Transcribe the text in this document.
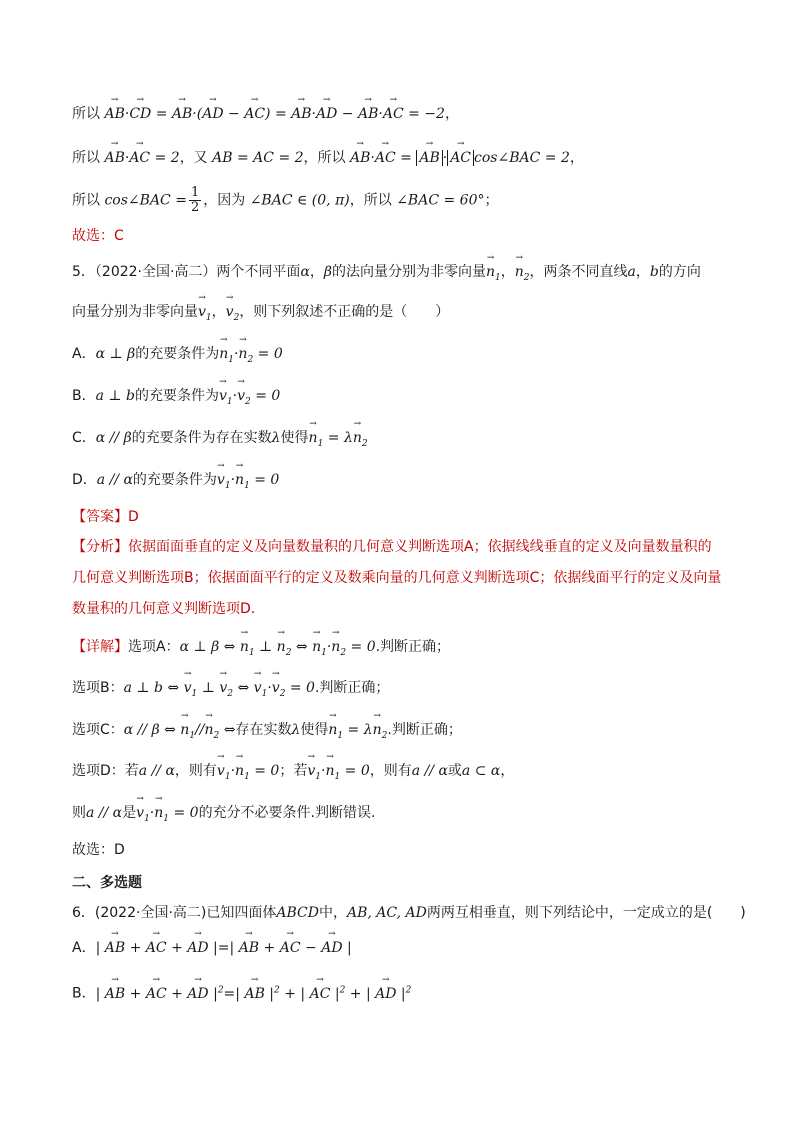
所以 → AB·→ CD = → AB·(→ AD − → AC) = → AB·→ AD − → AB·→ AC = −2，
所以 → AB·→ AC = 2，又 AB = AC = 2，所以 → AB·→ AC = → AB · → AC cos∠BAC = 2，
所以 cos∠BAC = $\frac{1}{2}$ ，因为 ∠BAC ∈ (0, π)，所以 ∠BAC = 60°；
故选：C
5．（2022·全国·高二）两个不同平面α，β的法向量分别为非零向量→ $n_1$，→ $n_2$，两条不同直线a，b的方向
向量分别为非零向量→ $v_1$，→ $v_2$，则下列叙述不正确的是（　　）
A．α ⊥ β的充要条件为→ $n_1\cdot\to n_2 = 0$
B．a ⊥ b的充要条件为→ $v_1\cdot\to v_2 = 0$
C．α // β的充要条件为存在实数λ使得→ $n_1 = \lambda\to n_2$
D．a // α的充要条件为→ $v_1\cdot\to n_1 = 0$
【答案】D
【分析】依据面面垂直的定义及向量数量积的几何意义判断选项A；依据线线垂直的定义及向量数量积的
几何意义判断选项B；依据面面平行的定义及数乘向量的几何意义判断选项C；依据线面平行的定义及向量
数量积的几何意义判断选项D.
【详解】选项A：α ⊥ β ⇔ → $n_1$ ⊥ → $n_2$ ⇔ → $n_1\cdot\to n_2 = 0$.判断正确；
选项B：a ⊥ b ⇔ → $v_1$ ⊥ → $v_2$ ⇔ → $v_1\cdot\to v_2 = 0$.判断正确；
选项C：α // β ⇔ → $n_1//\to n_2$ ⇔存在实数λ使得→ $n_1 = \lambda\to n_2$.判断正确；
选项D：若a // α，则有→ $v_1\cdot\to n_1 = 0$；若→ $v_1\cdot\to n_1 = 0$，则有a // α或a ⊂ α，
则a // α是→ $v_1\cdot\to n_1 = 0$的充分不必要条件.判断错误.
故选：D
二、多选题
6．(2022·全国·高二)已知四面体ABCD中，AB, AC, AD两两互相垂直，则下列结论中，一定成立的是(　　)
A．| → AB + → AC + → AD |=| → AB + → AC − → AD |
B．| → AB + → AC + → AD $|^2=|$ → AB $|^2$ + | → AC $|^2$ + | → AD $|^2$
